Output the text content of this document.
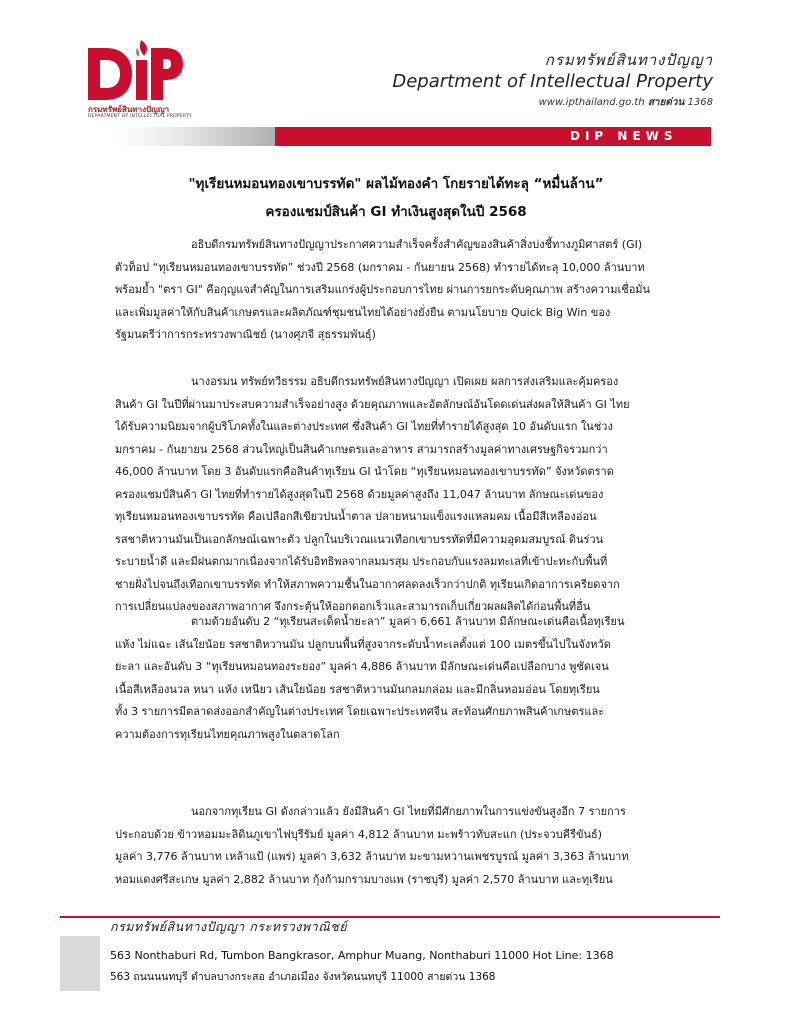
กรมทรัพย์สินทางปัญญา
DEPARTMENT OF INTELLECTUAL PROPERTY
กรมทรัพย์สินทางปัญญา
Department of Intellectual Property
www.ipthailand.go.th สายด่วน 1368
DIP NEWS
"ทุเรียนหมอนทองเขาบรรทัด" ผลไม้ทองคำ โกยรายได้ทะลุ “หมื่นล้าน”
ครองแชมป์สินค้า GI ทำเงินสูงสุดในปี 2568

อธิบดีกรมทรัพย์สินทางปัญญาประกาศความสำเร็จครั้งสำคัญของสินค้าสิ่งบ่งชี้ทางภูมิศาสตร์ (GI)
ตัวท็อป “ทุเรียนหมอนทองเขาบรรทัด” ช่วงปี 2568 (มกราคม - กันยายน 2568) ทำรายได้ทะลุ 10,000 ล้านบาท
พร้อมย้ำ "ตรา GI" คือกุญแจสำคัญในการเสริมแกร่งผู้ประกอบการไทย ผ่านการยกระดับคุณภาพ สร้างความเชื่อมั่น
และเพิ่มมูลค่าให้กับสินค้าเกษตรและผลิตภัณฑ์ชุมชนไทยได้อย่างยั่งยืน ตามนโยบาย Quick Big Win ของ
รัฐมนตรีว่าการกระทรวงพาณิชย์ (นางศุภจี สุธรรมพันธุ์)

นางอรมน ทรัพย์ทวีธรรม อธิบดีกรมทรัพย์สินทางปัญญา เปิดเผย ผลการส่งเสริมและคุ้มครอง
สินค้า GI ในปีที่ผ่านมาประสบความสำเร็จอย่างสูง ด้วยคุณภาพและอัตลักษณ์อันโดดเด่นส่งผลให้สินค้า GI ไทย
ได้รับความนิยมจากผู้บริโภคทั้งในและต่างประเทศ ซึ่งสินค้า GI ไทยที่ทำรายได้สูงสุด 10 อันดับแรก ในช่วง
มกราคม - กันยายน 2568 ส่วนใหญ่เป็นสินค้าเกษตรและอาหาร สามารถสร้างมูลค่าทางเศรษฐกิจรวมกว่า
46,000 ล้านบาท โดย 3 อันดับแรกคือสินค้าทุเรียน GI นำโดย “ทุเรียนหมอนทองเขาบรรทัด” จังหวัดตราด
ครองแชมป์สินค้า GI ไทยที่ทำรายได้สูงสุดในปี 2568 ด้วยมูลค่าสูงถึง 11,047 ล้านบาท ลักษณะเด่นของ
ทุเรียนหมอนทองเขาบรรทัด คือเปลือกสีเขียวปนน้ำตาล ปลายหนามแข็งแรงแหลมคม เนื้อมีสีเหลืองอ่อน
รสชาติหวานมันเป็นเอกลักษณ์เฉพาะตัว ปลูกในบริเวณแนวเทือกเขาบรรทัดที่มีความอุดมสมบูรณ์ ดินร่วน
ระบายน้ำดี และมีฝนตกมากเนื่องจากได้รับอิทธิพลจากลมมรสุม ประกอบกับแรงลมทะเลที่เข้าปะทะกับพื้นที่
ชายฝั่งไปจนถึงเทือกเขาบรรทัด ทำให้สภาพความชื้นในอากาศลดลงเร็วกว่าปกติ ทุเรียนเกิดอาการเครียดจาก
การเปลี่ยนแปลงของสภาพอากาศ จึงกระตุ้นให้ออกดอกเร็วและสามารถเก็บเกี่ยวผลผลิตได้ก่อนพื้นที่อื่น

ตามด้วยอันดับ 2 “ทุเรียนสะเด็ดน้ำยะลา” มูลค่า 6,661 ล้านบาท มีลักษณะเด่นคือเนื้อทุเรียน
แห้ง ไม่แฉะ เส้นใยน้อย รสชาติหวานมัน ปลูกบนพื้นที่สูงจากระดับน้ำทะเลตั้งแต่ 100 เมตรขึ้นไปในจังหวัด
ยะลา และอันดับ 3 “ทุเรียนหมอนทองระยอง” มูลค่า 4,886 ล้านบาท มีลักษณะเด่นคือเปลือกบาง พูชัดเจน
เนื้อสีเหลืองนวล หนา แห้ง เหนียว เส้นใยน้อย รสชาติหวานมันกลมกล่อม และมีกลิ่นหอมอ่อน โดยทุเรียน
ทั้ง 3 รายการมีตลาดส่งออกสำคัญในต่างประเทศ โดยเฉพาะประเทศจีน สะท้อนศักยภาพสินค้าเกษตรและ
ความต้องการทุเรียนไทยคุณภาพสูงในตลาดโลก

นอกจากทุเรียน GI ดังกล่าวแล้ว ยังมีสินค้า GI ไทยที่มีศักยภาพในการแข่งขันสูงอีก 7 รายการ
ประกอบด้วย ข้าวหอมมะลิดินภูเขาไฟบุรีรัมย์ มูลค่า 4,812 ล้านบาท มะพร้าวทับสะแก (ประจวบคีรีขันธ์)
มูลค่า 3,776 ล้านบาท เหล้าแป้ (แพร่) มูลค่า 3,632 ล้านบาท มะขามหวานเพชรบูรณ์ มูลค่า 3,363 ล้านบาท
หอมแดงศรีสะเกษ มูลค่า 2,882 ล้านบาท กุ้งก้ามกรามบางแพ (ราชบุรี) มูลค่า 2,570 ล้านบาท และทุเรียน

กรมทรัพย์สินทางปัญญา กระทรวงพาณิชย์
563 Nonthaburi Rd, Tumbon Bangkrasor, Amphur Muang, Nonthaburi 11000 Hot Line: 1368
563 ถนนนนทบุรี ตำบลบางกระสอ อำเภอเมือง จังหวัดนนทบุรี 11000 สายด่วน 1368
